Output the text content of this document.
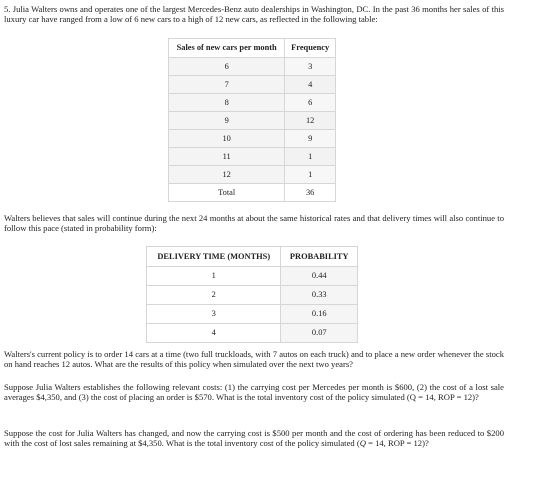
5. Julia Walters owns and operates one of the largest Mercedes-Benz auto dealerships in Washington, DC. In the past 36 months her sales of this luxury car have ranged from a low of 6 new cars to a high of 12 new cars, as reflected in the following table:

Sales of new cars per month	Frequency
6	3
7	4
8	6
9	12
10	9
11	1
12	1
Total	36

Walters believes that sales will continue during the next 24 months at about the same historical rates and that delivery times will also continue to follow this pace (stated in probability form):

DELIVERY TIME (MONTHS)	PROBABILITY
1	0.44
2	0.33
3	0.16
4	0.07

Walters's current policy is to order 14 cars at a time (two full truckloads, with 7 autos on each truck) and to place a new order whenever the stock on hand reaches 12 autos. What are the results of this policy when simulated over the next two years?

Suppose Julia Walters establishes the following relevant costs: (1) the carrying cost per Mercedes per month is $600, (2) the cost of a lost sale averages $4,350, and (3) the cost of placing an order is $570. What is the total inventory cost of the policy simulated (Q = 14, ROP = 12)?

Suppose the cost for Julia Walters has changed, and now the carrying cost is $500 per month and the cost of ordering has been reduced to $200 with the cost of lost sales remaining at $4,350. What is the total inventory cost of the policy simulated (Q = 14, ROP = 12)?
